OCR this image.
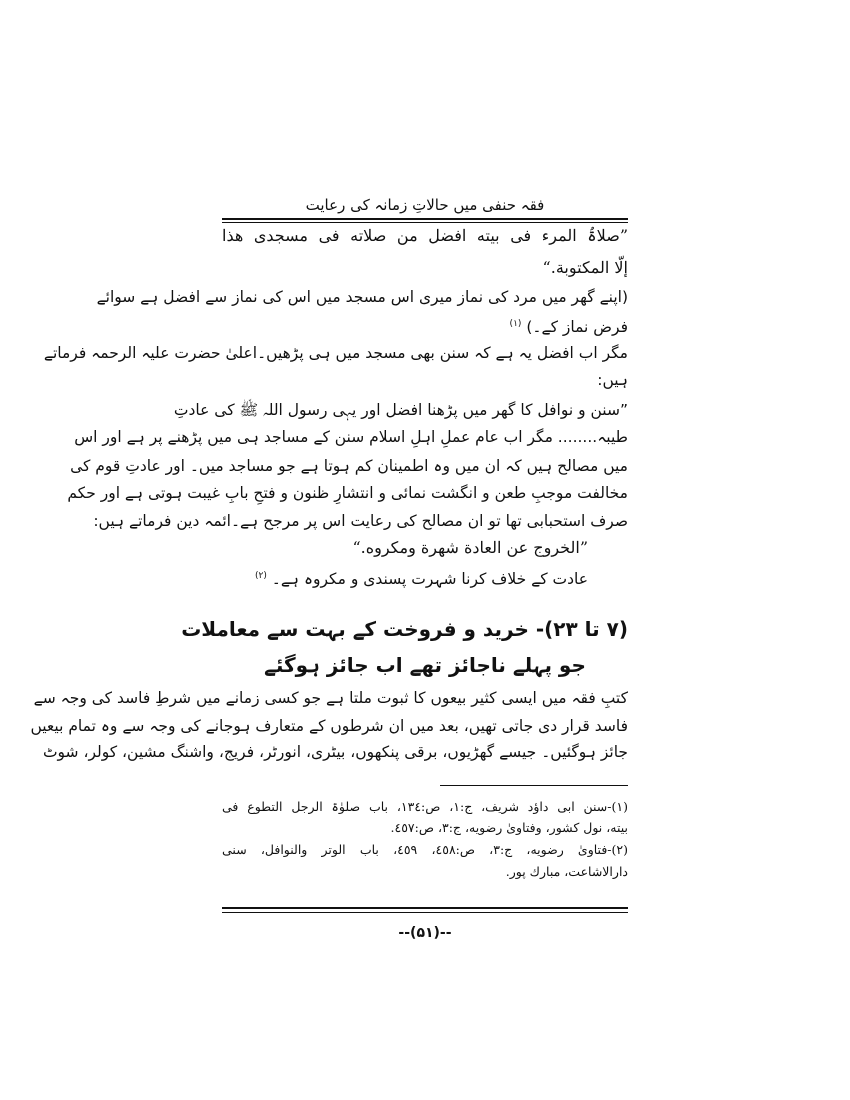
فقہ حنفی میں حالاتِ زمانہ کی رعایت
”صلاۃُ المرء فی بیته افضل من صلاته فی مسجدی هذا
إلّا المكتوبة.“
(اپنے گھر میں مرد کی نماز میری اس مسجد میں اس کی نماز سے افضل ہے سوائے
فرض نماز کے۔) $^{(۱)}$
مگر اب افضل یہ ہے کہ سنن بھی مسجد میں ہی پڑھیں۔اعلیٰ حضرت علیہ الرحمہ فرماتے
ہیں:
”سنن و نوافل کا گھر میں پڑھنا افضل اور یہی رسول اللہ ﷺ کی عادتِ
طیبہ........ مگر اب عام عملِ اہلِ اسلام سنن کے مساجد ہی میں پڑھنے پر ہے اور اس
میں مصالح ہیں کہ ان میں وہ اطمینان کم ہوتا ہے جو مساجد میں۔ اور عادتِ قوم کی
مخالفت موجبِ طعن و انگشت نمائی و انتشارِ ظنون و فتحِ بابِ غیبت ہوتی ہے اور حکم
صرف استحبابی تھا تو ان مصالح کی رعایت اس پر مرجح ہے۔ائمہ دین فرماتے ہیں:
”الخروج عن العادة شهرة ومكروه.“
عادت کے خلاف کرنا شہرت پسندی و مکروہ ہے۔ $^{(۲)}$
(۷ تا ۲۳)- خرید و فروخت کے بہت سے معاملات
جو پہلے ناجائز تھے اب جائز ہوگئے
کتبِ فقہ میں ایسی کثیر بیعوں کا ثبوت ملتا ہے جو کسی زمانے میں شرطِ فاسد کی وجہ سے
فاسد قرار دی جاتی تھیں، بعد میں ان شرطوں کے متعارف ہوجانے کی وجہ سے وہ تمام بیعیں
جائز ہوگئیں۔ جیسے گھڑیوں، برقی پنکھوں، بیٹری، انورٹر، فریج، واشنگ مشین، کولر، شوٹ
(۱)-سنن ابی داؤد شریف، ج:۱، ص:۱۳٤، باب صلوٰۃ الرجل التطوع فی
بیته، نول کشور، وفتاویٰ رضویه، ج:۳، ص:٤٥٧.
(۲)-فتاویٰ رضویه، ج:۳، ص:٤٥٨، ٤٥٩، باب الوتر والنوافل، سنی
دارالاشاعت، مبارك پور.
--(۵۱)--
